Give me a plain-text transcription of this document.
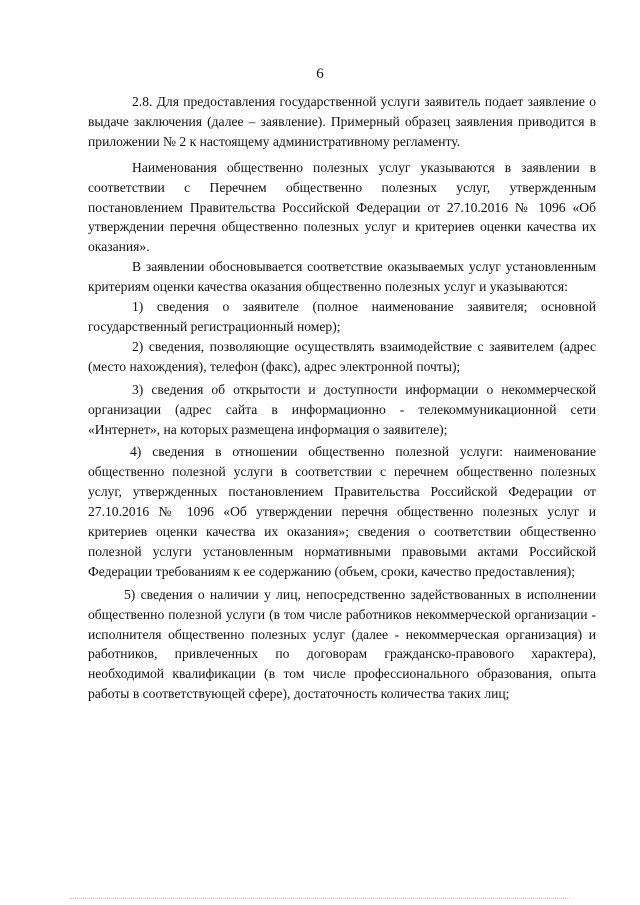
6

2.8. Для предоставления государственной услуги заявитель подает заявление о выдаче заключения (далее – заявление). Примерный образец заявления приводится в приложении № 2 к настоящему административному регламенту.

Наименования общественно полезных услуг указываются в заявлении в соответствии с Перечнем общественно полезных услуг, утвержденным постановлением Правительства Российской Федерации от 27.10.2016 № 1096 «Об утверждении перечня общественно полезных услуг и критериев оценки качества их оказания».

В заявлении обосновывается соответствие оказываемых услуг установленным критериям оценки качества оказания общественно полезных услуг и указываются:

1) сведения о заявителе (полное наименование заявителя; основной государственный регистрационный номер);

2) сведения, позволяющие осуществлять взаимодействие с заявителем (адрес (место нахождения), телефон (факс), адрес электронной почты);

3) сведения об открытости и доступности информации о некоммерческой организации (адрес сайта в информационно - телекоммуникационной сети «Интернет», на которых размещена информация о заявителе);

4) сведения в отношении общественно полезной услуги: наименование общественно полезной услуги в соответствии с перечнем общественно полезных услуг, утвержденных постановлением Правительства Российской Федерации от 27.10.2016 № 1096 «Об утверждении перечня общественно полезных услуг и критериев оценки качества их оказания»; сведения о соответствии общественно полезной услуги установленным нормативными правовыми актами Российской Федерации требованиям к ее содержанию (объем, сроки, качество предоставления);

5) сведения о наличии у лиц, непосредственно задействованных в исполнении общественно полезной услуги (в том числе работников некоммерческой организации - исполнителя общественно полезных услуг (далее - некоммерческая организация) и работников, привлеченных по договорам гражданско-правового характера), необходимой квалификации (в том числе профессионального образования, опыта работы в соответствующей сфере), достаточность количества таких лиц;
